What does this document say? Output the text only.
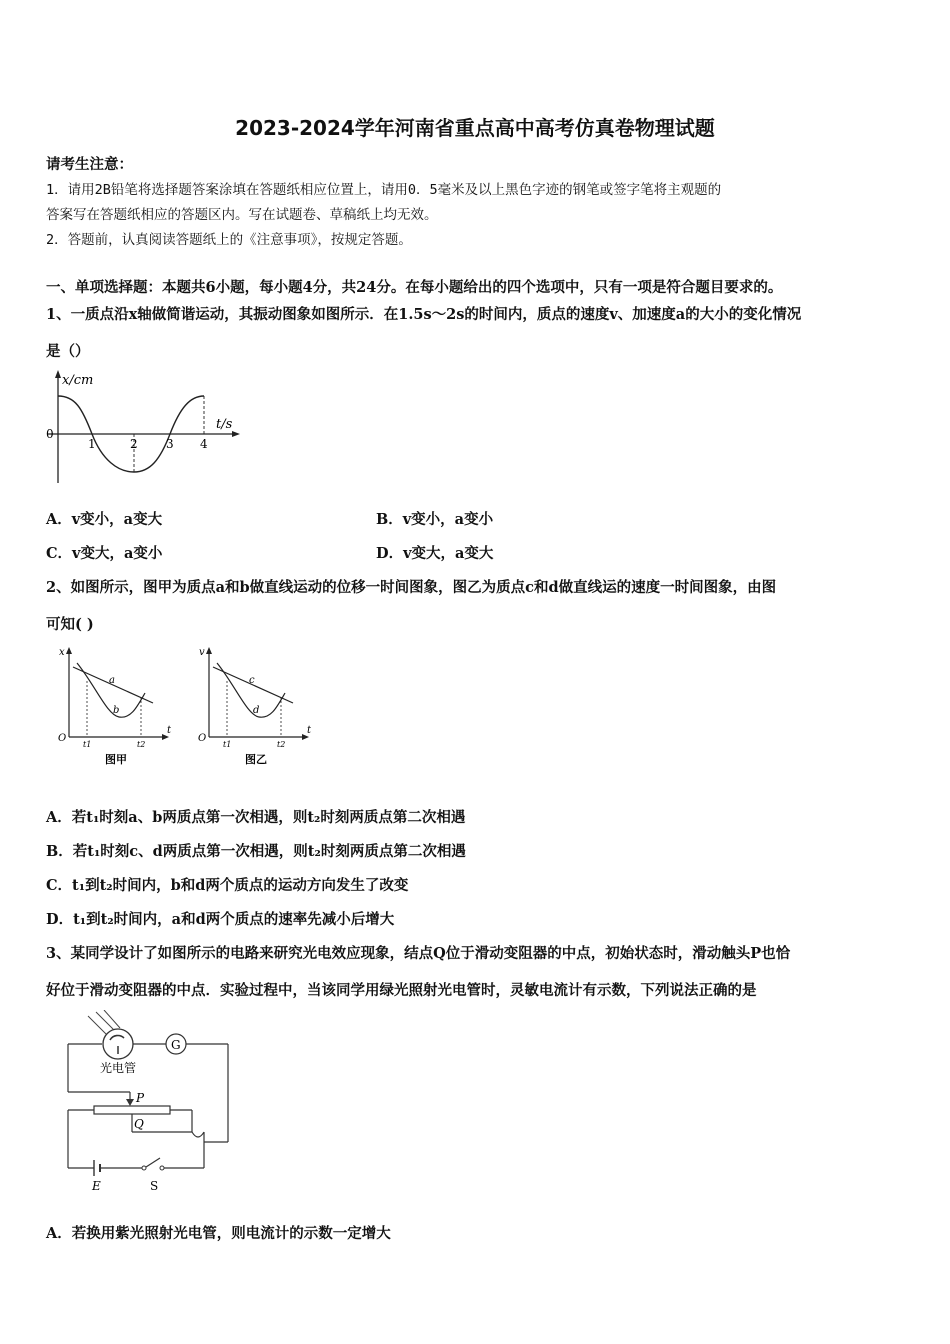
2023-2024学年河南省重点高中高考仿真卷物理试题
请考生注意：
1．请用2B铅笔将选择题答案涂填在答题纸相应位置上，请用0．5毫米及以上黑色字迹的钢笔或签字笔将主观题的
答案写在答题纸相应的答题区内。写在试题卷、草稿纸上均无效。
2．答题前，认真阅读答题纸上的《注意事项》，按规定答题。
一、单项选择题：本题共6小题，每小题4分，共24分。在每小题给出的四个选项中，只有一项是符合题目要求的。
1、一质点沿x轴做简谐运动，其振动图象如图所示．在1.5s～2s的时间内，质点的速度v、加速度a的大小的变化情况
是（）
x/cm
t/s
0
1	2 3 4
A．v变小，a变大	B．v变小，a变小
C．v变大，a变小	D．v变大，a变大
2、如图所示，图甲为质点a和b做直线运动的位移一时间图象，图乙为质点c和d做直线运的速度一时间图象，由图
可知( )
x
t
O
a
b
t1	t2
图甲
v
t
O
c
d
t1	t2
图乙
A．若t₁时刻a、b两质点第一次相遇，则t₂时刻两质点第二次相遇
B．若t₁时刻c、d两质点第一次相遇，则t₂时刻两质点第二次相遇
C．t₁到t₂时间内，b和d两个质点的运动方向发生了改变
D．t₁到t₂时间内，a和d两个质点的速率先减小后增大
3、某同学设计了如图所示的电路来研究光电效应现象，结点Q位于滑动变阻器的中点，初始状态时，滑动触头P也恰
好位于滑动变阻器的中点．实验过程中，当该同学用绿光照射光电管时，灵敏电流计有示数，下列说法正确的是
G
光电管
P
Q
E	S
A．若换用紫光照射光电管，则电流计的示数一定增大
